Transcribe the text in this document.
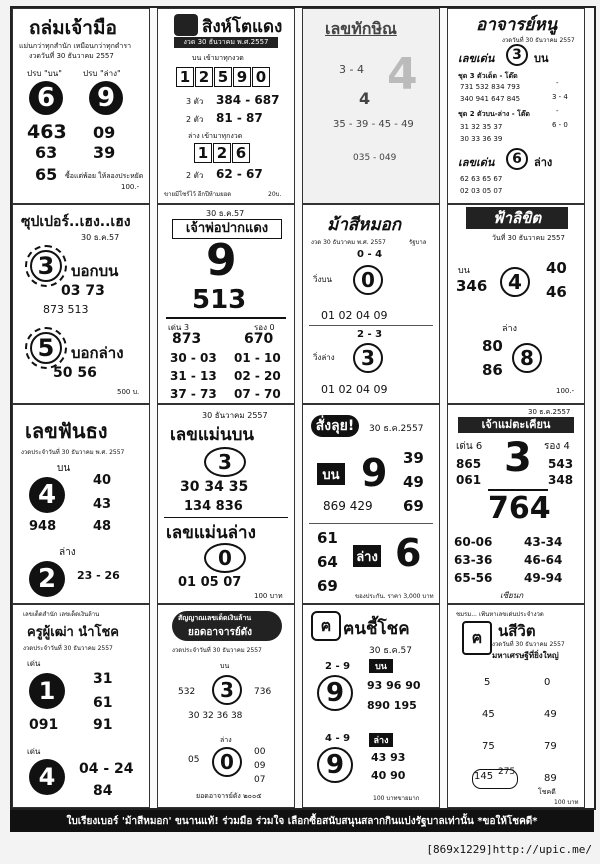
ถล่มเจ้ามือ
แม่นกว่าทุกสำนัก เหมือนกว่าทุกตำรา
งวดวันที่ 30 ธันวาคม 2557
ปรบ "บน"	ปรบ "ล่าง"
6	9
463 09
63 39
65 ซื้อแต่พ้อย ให้ลองประหยัด
100.-
สิงห์โตแดง
งวด 30 ธันวาคม พ.ศ.2557
บน เข้ามาทุกงวด
1 2 5 9 0
3 ตัว 384 - 687
2 ตัว 81 - 87
ล่าง เข้ามาทุกงวด
1 2 6
2 ตัว 62 - 67
ขายมีโซร์ไว้ อีกปีห้ามยอด	20บ.
เลขทักษิณ
4
3 - 4
4
35 - 39 - 45 - 49
035 - 049
อาจารย์หนู
งวดวันที่ 30 ธันวาคม 2557
เลขเด่น	3	บน
ชุด 3 ตัวเด็ด - โต๊ด
731 532 834 793
340 941 647 845
-
3 - 4
-
6 - 0
ชุด 2 ตัวบน-ล่าง - โต๊ด
31 32 35 37
30 33 36 39
เลขเด่น	6	ล่าง
62 63 65 67
02 03 05 07
ซุปเปอร์..เฮง..เฮง
30 ธ.ค.57
3	บอกบน
03 73
873 513
5	บอกล่าง
50 56
500 บ.
30 ธ.ค.57
เจ้าพ่อปากแดง
9
513
เด่น 3	รอง 0
873	670
30 - 03 01 - 10
31 - 13 02 - 20
37 - 73 07 - 70
ม้าสีหมอก
งวด 30 ธันวาคม พ.ศ. 2557	รัฐบาล
0 - 4
วิ่งบน	0
01 02 04 09
2 - 3
วิ่งล่าง	3
01 02 04 09
ฟ้าลิขิต
วันที่ 30 ธันวาคม 2557
บน
346	4
40
46
ล่าง
80
86 8
100.-
เลขฟันธง
งวดประจำวันที่ 30 ธันวาคม พ.ศ. 2557
บน
4	40
43
948	48
ล่าง
2	23 - 26
30 ธันวาคม 2557
เลขแม่นบน
3
30 34 35
134 836
เลขแม่นล่าง
0
01 05 07
100 บาท
สั่งลุย!	30 ธ.ค.2557
บน 9 39
49
69
869 429
61
64
69
ล่าง 6
ของประกัน. ราคา 3,000 บาท
30 ธ.ค.2557
เจ้าแม่ตะเคียน
เด่น 6	รอง 4
3
865
061
543
348
764
60-06	43-34
63-36	46-64
65-56	49-94
เซียนก
เลขเด็ดสำนัก เลขเด็ดเงินล้าน
ครูผู้เฒ่า นำโชค
งวดประจำวันที่ 30 ธันวาคม 2557
เด่น
1	31
61
091 91
เด่น
4	04 - 24
84
สัญญาณเลขเด็ดเงินล้าน
ยอดอาจารย์ดัง
งวดประจำวันที่ 30 ธันวาคม 2557
บน
532	3	736
30 32 36 38
ล่าง
05	0	00
09
07
ยอดอาจารย์ดัง ๒๐๐๕
ฅ ฅนชี้โชค
30 ธ.ค.57
บน
2 - 9
9	93 96 90
890 195
4 - 9	ล่าง
9	43 93
40 90
100 บาทขายมาก
ชมรม... เฟ้นหาเลขเด่นประจำงวด
ฅ	นสีวิต
งวดวันที่ 30 ธันวาคม 2557
มหาเศรษฐีที่ยิ่งใหญ่
5	0
45	49
75	79
145 275
89
โชคดี
100 บาท
ใบเรียงเบอร์ 'ม้าสีหมอก' ขนานแท้! ร่วมมือ ร่วมใจ เลือกซื้อสนับสนุนสลากกินแบ่งรัฐบาลเท่านั้น *ขอให้โชคดี*
[869x1229]http://upic.me/
